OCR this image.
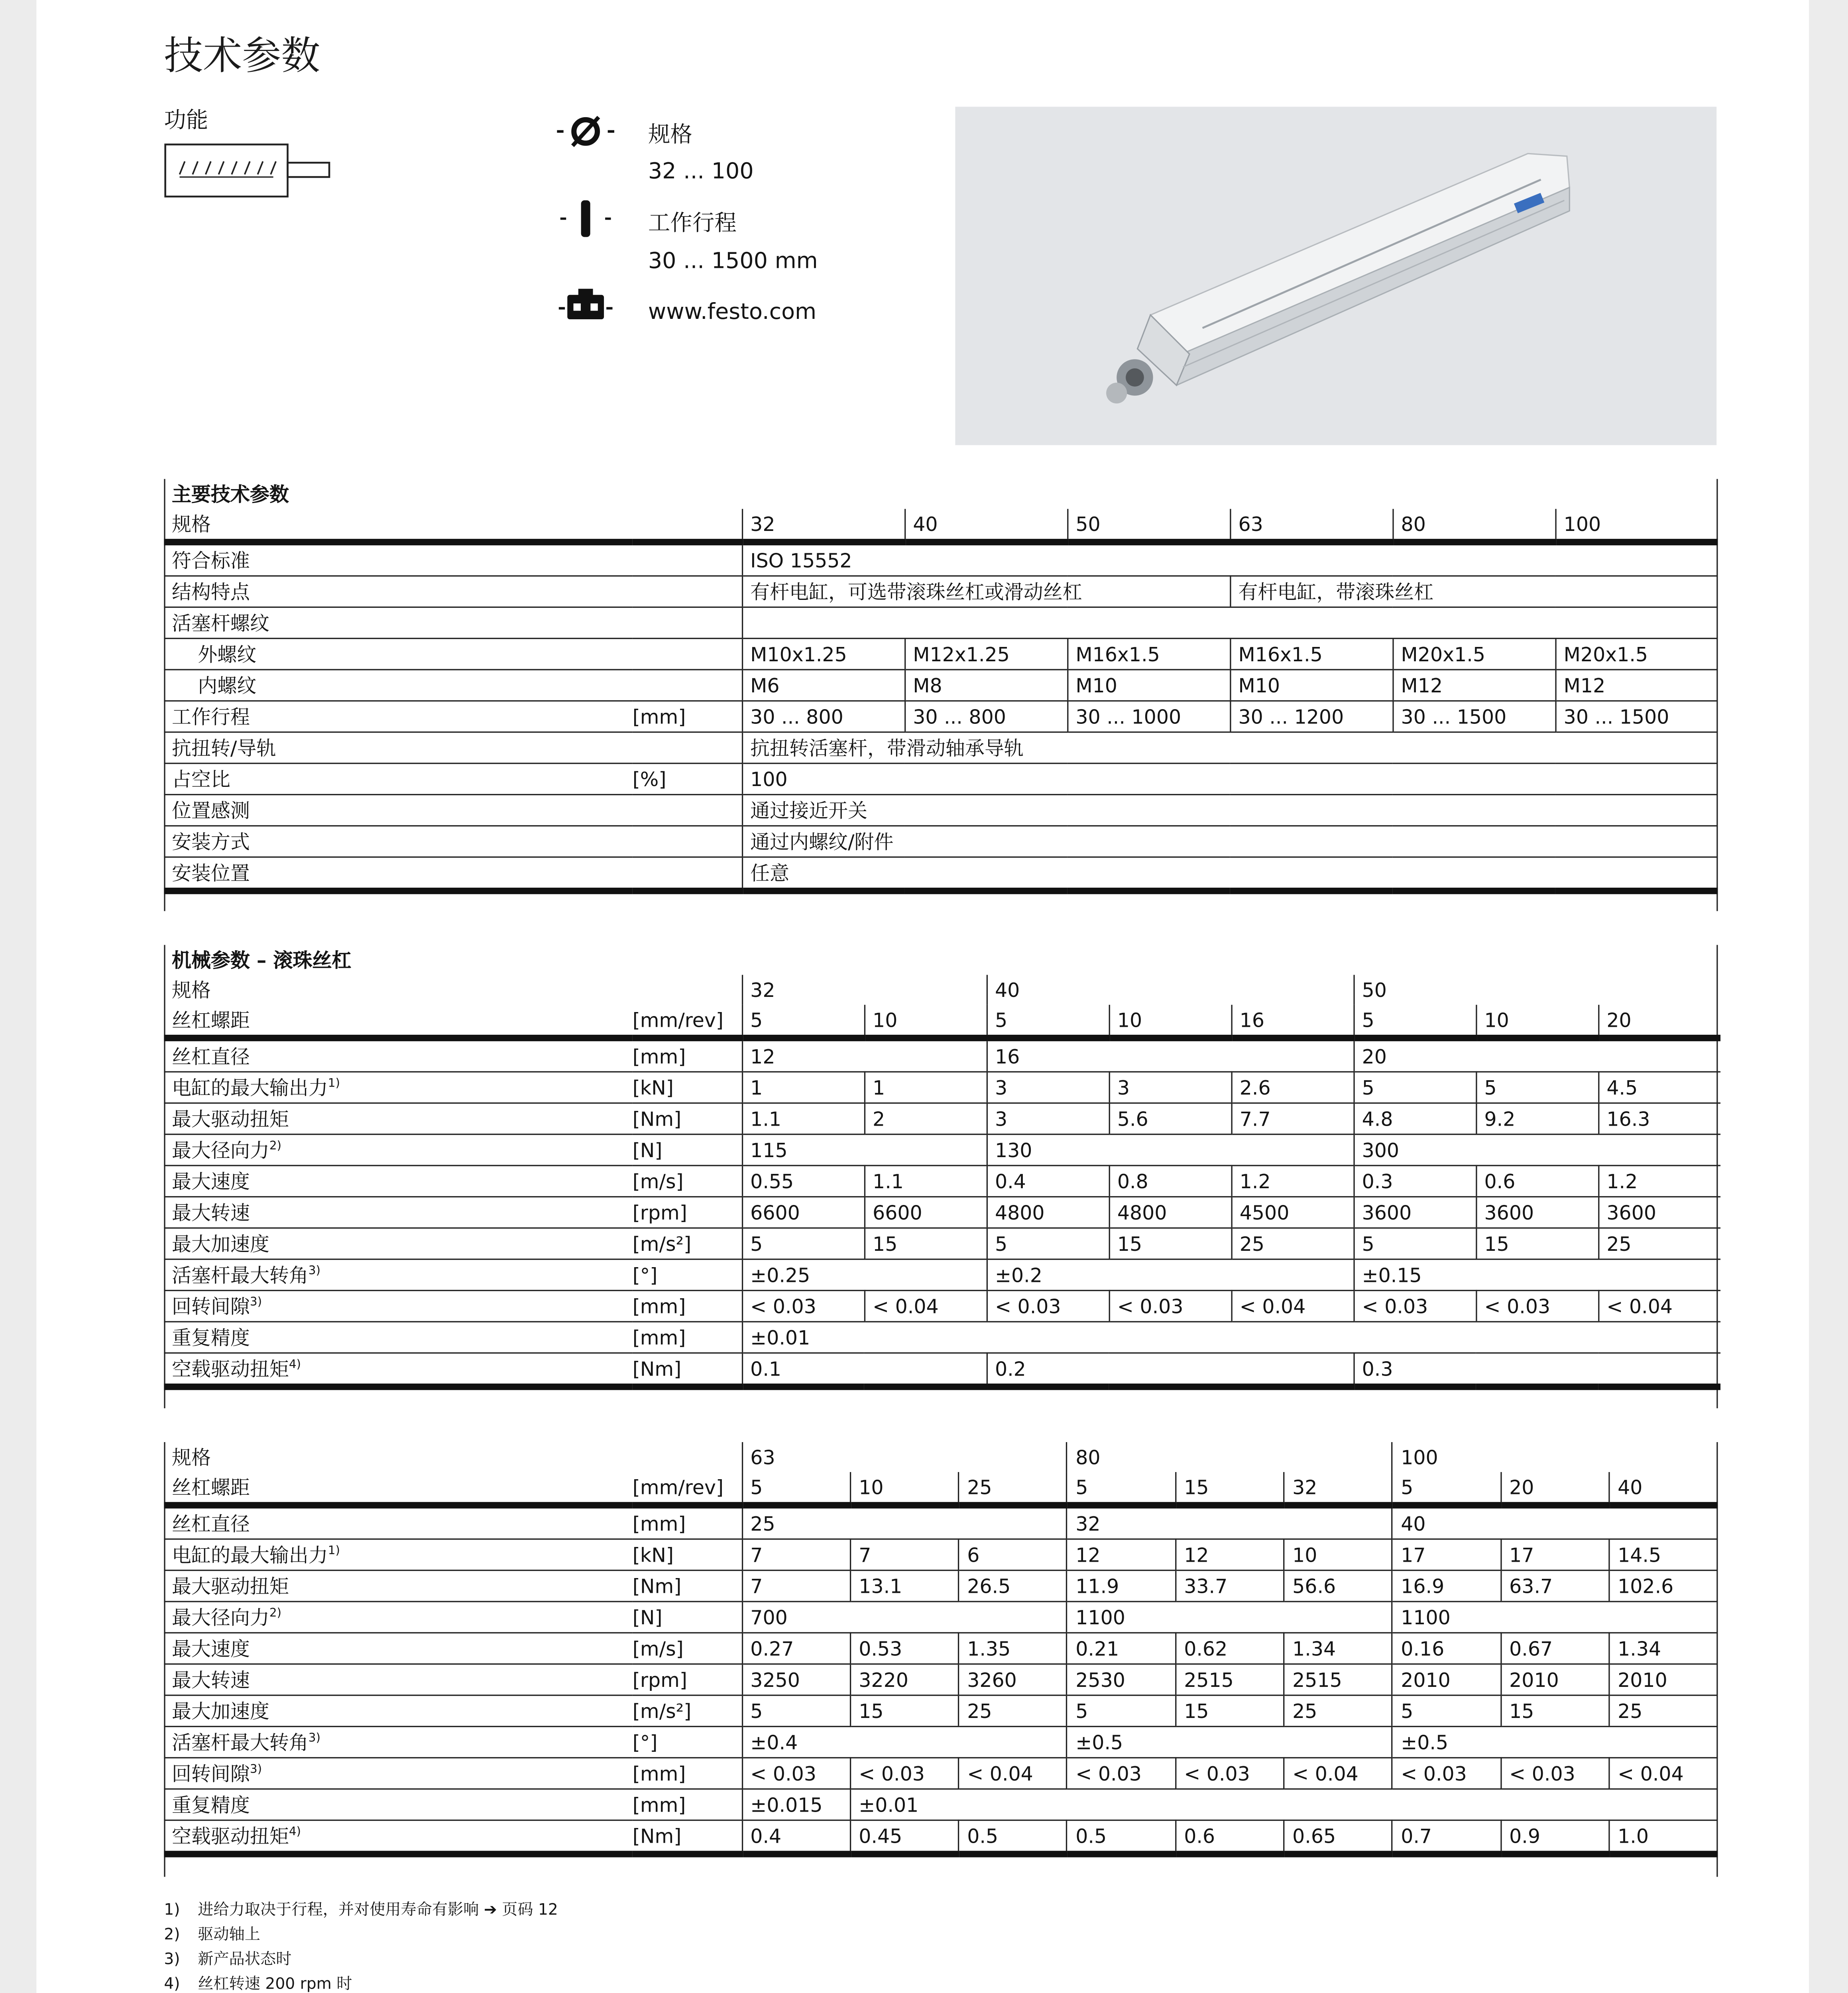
技术参数
功能
规格
32 ... 100
工作行程
30 ... 1500 mm
www.festo.com
主要技术参数							
规格		32	40	50	63	80	100
符合标准		ISO 15552					
结构特点		有杆电缸，可选带滚珠丝杠或滑动丝杠			有杆电缸，带滚珠丝杠		
活塞杆螺纹							
外螺纹		M10x1.25	M12x1.25	M16x1.5	M16x1.5	M20x1.5	M20x1.5
内螺纹		M6	M8	M10	M10	M12	M12
工作行程	[mm]	30 ... 800	30 ... 800	30 ... 1000	30 ... 1200	30 ... 1500	30 ... 1500
抗扭转/导轨		抗扭转活塞杆，带滑动轴承导轨					
占空比	[%]	100					
位置感测		通过接近开关					
安装方式		通过内螺纹/附件					
安装位置		任意					
机械参数 – 滚珠丝杠									
规格		32		40			50		
丝杠螺距	[mm/rev]	5	10	5	10	16	5	10	20
丝杠直径	[mm]	12		16			20		
电缸的最大输出力$^{1)}$	[kN]	1	1	3	3	2.6	5	5	4.5
最大驱动扭矩	[Nm]	1.1	2	3	5.6	7.7	4.8	9.2	16.3
最大径向力$^{2)}$	[N]	115		130			300		
最大速度	[m/s]	0.55	1.1	0.4	0.8	1.2	0.3	0.6	1.2
最大转速	[rpm]	6600	6600	4800	4800	4500	3600	3600	3600
最大加速度	[m/s²]	5	15	5	15	25	5	15	25
活塞杆最大转角$^{3)}$	[°]	±0.25		±0.2			±0.15		
回转间隙$^{3)}$	[mm]	< 0.03	< 0.04	< 0.03	< 0.03	< 0.04	< 0.03	< 0.03	< 0.04
重复精度	[mm]	±0.01							
空载驱动扭矩$^{4)}$	[Nm]	0.1		0.2			0.3		
规格		63			80			100		
丝杠螺距	[mm/rev]	5	10	25	5	15	32	5	20	40
丝杠直径	[mm]	25			32			40		
电缸的最大输出力$^{1)}$	[kN]	7	7	6	12	12	10	17	17	14.5
最大驱动扭矩	[Nm]	7	13.1	26.5	11.9	33.7	56.6	16.9	63.7	102.6
最大径向力$^{2)}$	[N]	700			1100			1100		
最大速度	[m/s]	0.27	0.53	1.35	0.21	0.62	1.34	0.16	0.67	1.34
最大转速	[rpm]	3250	3220	3260	2530	2515	2515	2010	2010	2010
最大加速度	[m/s²]	5	15	25	5	15	25	5	15	25
活塞杆最大转角$^{3)}$	[°]	±0.4			±0.5			±0.5		
回转间隙$^{3)}$	[mm]	< 0.03	< 0.03	< 0.04	< 0.03	< 0.03	< 0.04	< 0.03	< 0.03	< 0.04
重复精度	[mm]	±0.015	±0.01							
空载驱动扭矩$^{4)}$	[Nm]	0.4	0.45	0.5	0.5	0.6	0.65	0.7	0.9	1.0
1)	进给力取决于行程，并对使用寿命有影响 ➔ 页码 12
2)	驱动轴上
3)	新产品状态时
4)	丝杠转速 200 rpm 时
